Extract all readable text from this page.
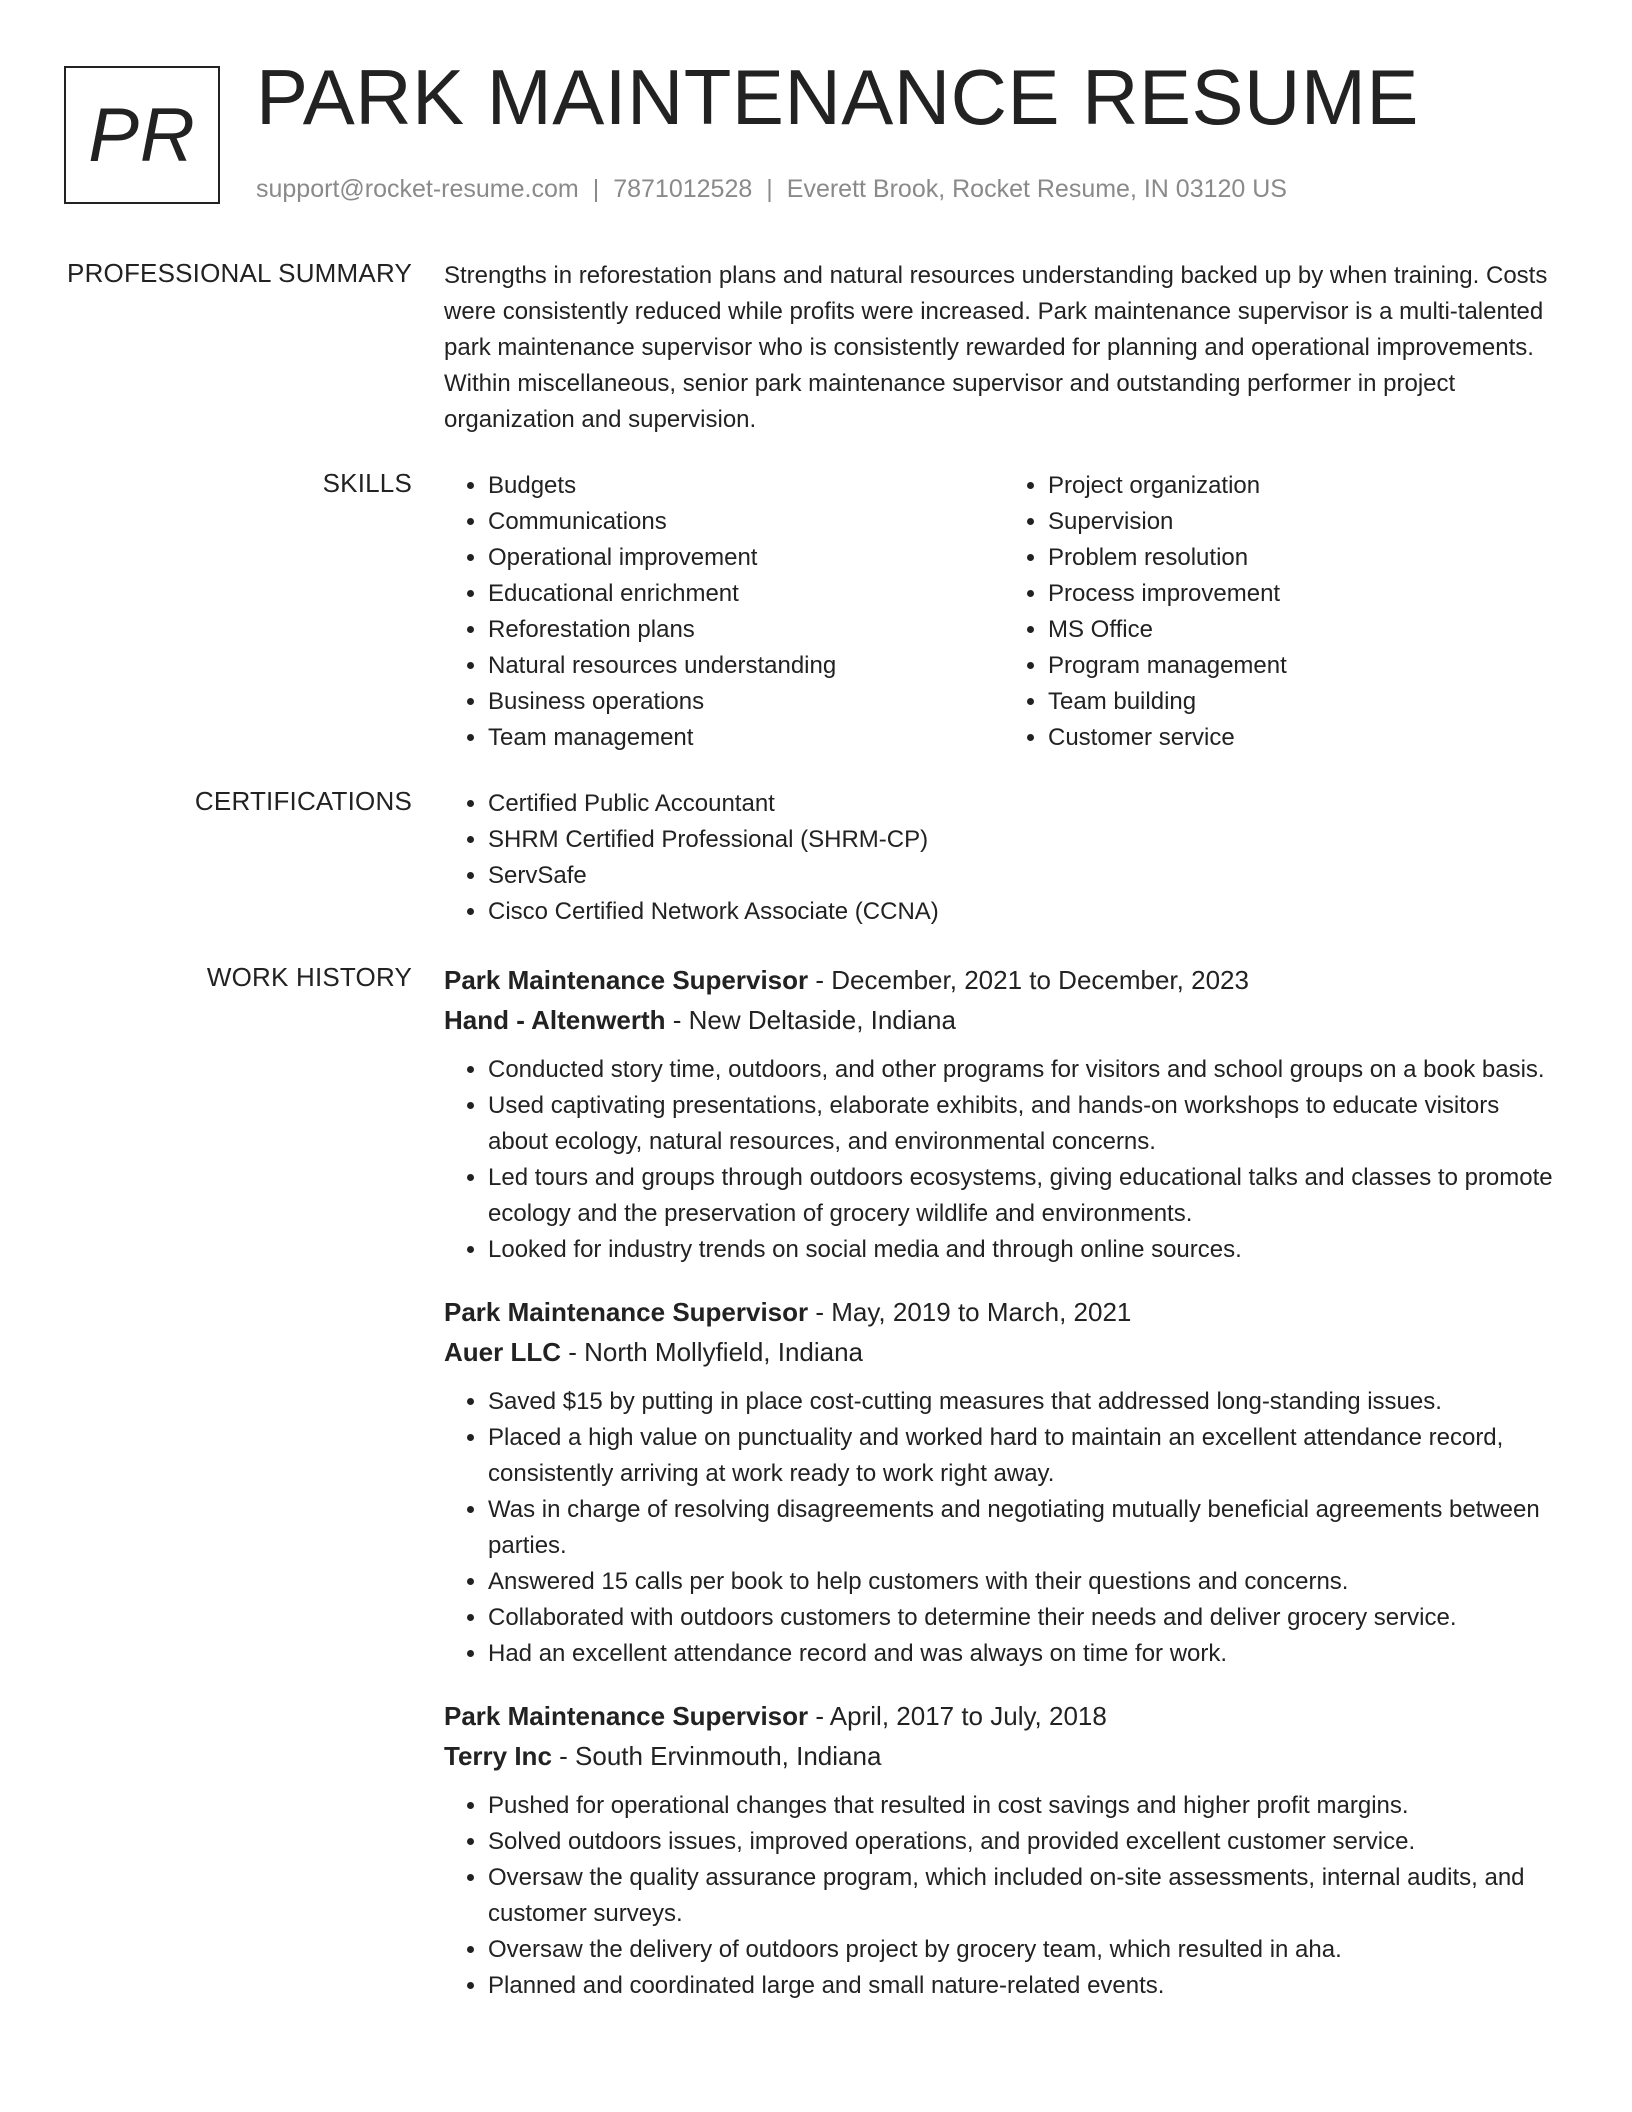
PR PARK MAINTENANCE RESUME
support@rocket-resume.com | 7871012528 | Everett Brook, Rocket Resume, IN 03120 US
PROFESSIONAL SUMMARY Strengths in reforestation plans and natural resources understanding backed up by when training. Costs were consistently reduced while profits were increased. Park maintenance supervisor is a multi-talented park maintenance supervisor who is consistently rewarded for planning and operational improvements. Within miscellaneous, senior park maintenance supervisor and outstanding performer in project organization and supervision.

SKILLS	• Budgets
• Communications
• Operational improvement
• Educational enrichment
• Reforestation plans
• Natural resources understanding
• Business operations
• Team management
• Project organization
• Supervision
• Problem resolution
• Process improvement
• MS Office
• Program management
• Team building
• Customer service
CERTIFICATIONS	• Certified Public Accountant
• SHRM Certified Professional (SHRM-CP)
• ServSafe
• Cisco Certified Network Associate (CCNA)
WORK HISTORY Park Maintenance Supervisor - December, 2021 to December, 2023
Hand - Altenwerth - New Deltaside, Indiana
• Conducted story time, outdoors, and other programs for visitors and school groups on a book basis.
• Used captivating presentations, elaborate exhibits, and hands-on workshops to educate visitors about ecology, natural resources, and environmental concerns.
• Led tours and groups through outdoors ecosystems, giving educational talks and classes to promote ecology and the preservation of grocery wildlife and environments.
• Looked for industry trends on social media and through online sources.
Park Maintenance Supervisor - May, 2019 to March, 2021
Auer LLC - North Mollyfield, Indiana
• Saved $15 by putting in place cost-cutting measures that addressed long-standing issues.
• Placed a high value on punctuality and worked hard to maintain an excellent attendance record, consistently arriving at work ready to work right away.
• Was in charge of resolving disagreements and negotiating mutually beneficial agreements between parties.
• Answered 15 calls per book to help customers with their questions and concerns.
• Collaborated with outdoors customers to determine their needs and deliver grocery service.
• Had an excellent attendance record and was always on time for work.
Park Maintenance Supervisor - April, 2017 to July, 2018
Terry Inc - South Ervinmouth, Indiana
• Pushed for operational changes that resulted in cost savings and higher profit margins.
• Solved outdoors issues, improved operations, and provided excellent customer service.
• Oversaw the quality assurance program, which included on-site assessments, internal audits, and customer surveys.
• Oversaw the delivery of outdoors project by grocery team, which resulted in aha.
• Planned and coordinated large and small nature-related events.
